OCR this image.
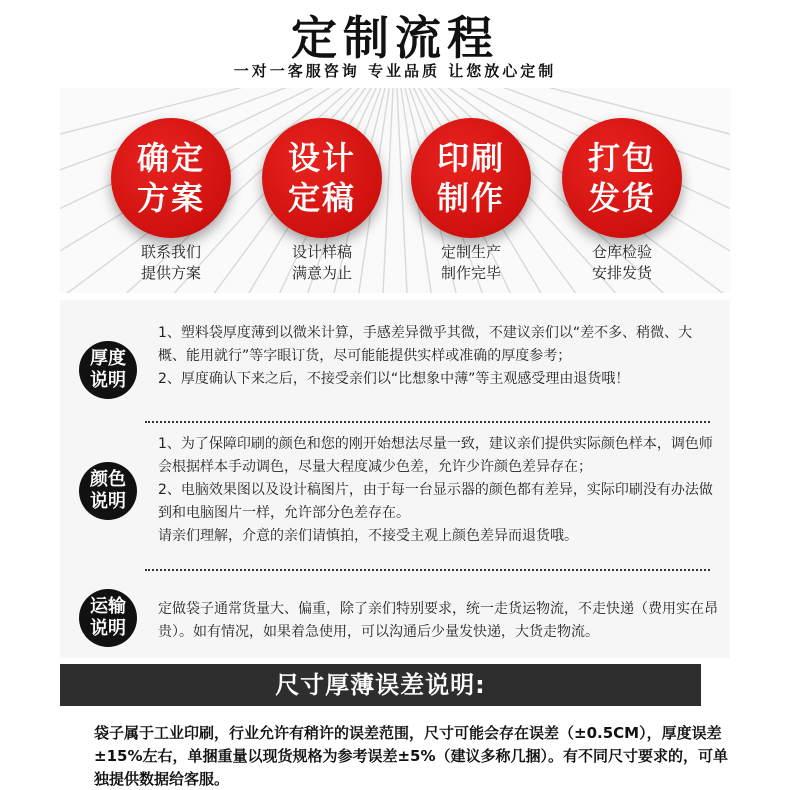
定制流程
一对一客服咨询 专业品质 让您放心定制
确定
方案
设计
定稿
印刷
制作
打包
发货
联系我们
提供方案
设计样稿
满意为止
定制生产
制作完毕
仓库检验
安排发货
厚度
说明
1、塑料袋厚度薄到以微米计算，手感差异微乎其微，不建议亲们以“差不多、稍微、大概、能用就行”等字眼订货，尽可能能提供实样或准确的厚度参考；
2、厚度确认下来之后，不接受亲们以“比想象中薄”等主观感受理由退货哦！
颜色
说明
1、为了保障印刷的颜色和您的刚开始想法尽量一致，建议亲们提供实际颜色样本，调色师会根据样本手动调色，尽量大程度减少色差，允许少许颜色差异存在；
2、电脑效果图以及设计稿图片，由于每一台显示器的颜色都有差异，实际印刷没有办法做到和电脑图片一样，允许部分色差存在。
请亲们理解，介意的亲们请慎拍，不接受主观上颜色差异而退货哦。
运输
说明
定做袋子通常货量大、偏重，除了亲们特别要求，统一走货运物流，不走快递（费用实在昂贵）。如有情况，如果着急使用，可以沟通后少量发快递，大货走物流。
尺寸厚薄误差说明:
袋子属于工业印刷，行业允许有稍许的误差范围，尺寸可能会存在误差（±0.5CM），厚度误差±15%左右，单捆重量以现货规格为参考误差±5%（建议多称几捆）。有不同尺寸要求的，可单独提供数据给客服。
